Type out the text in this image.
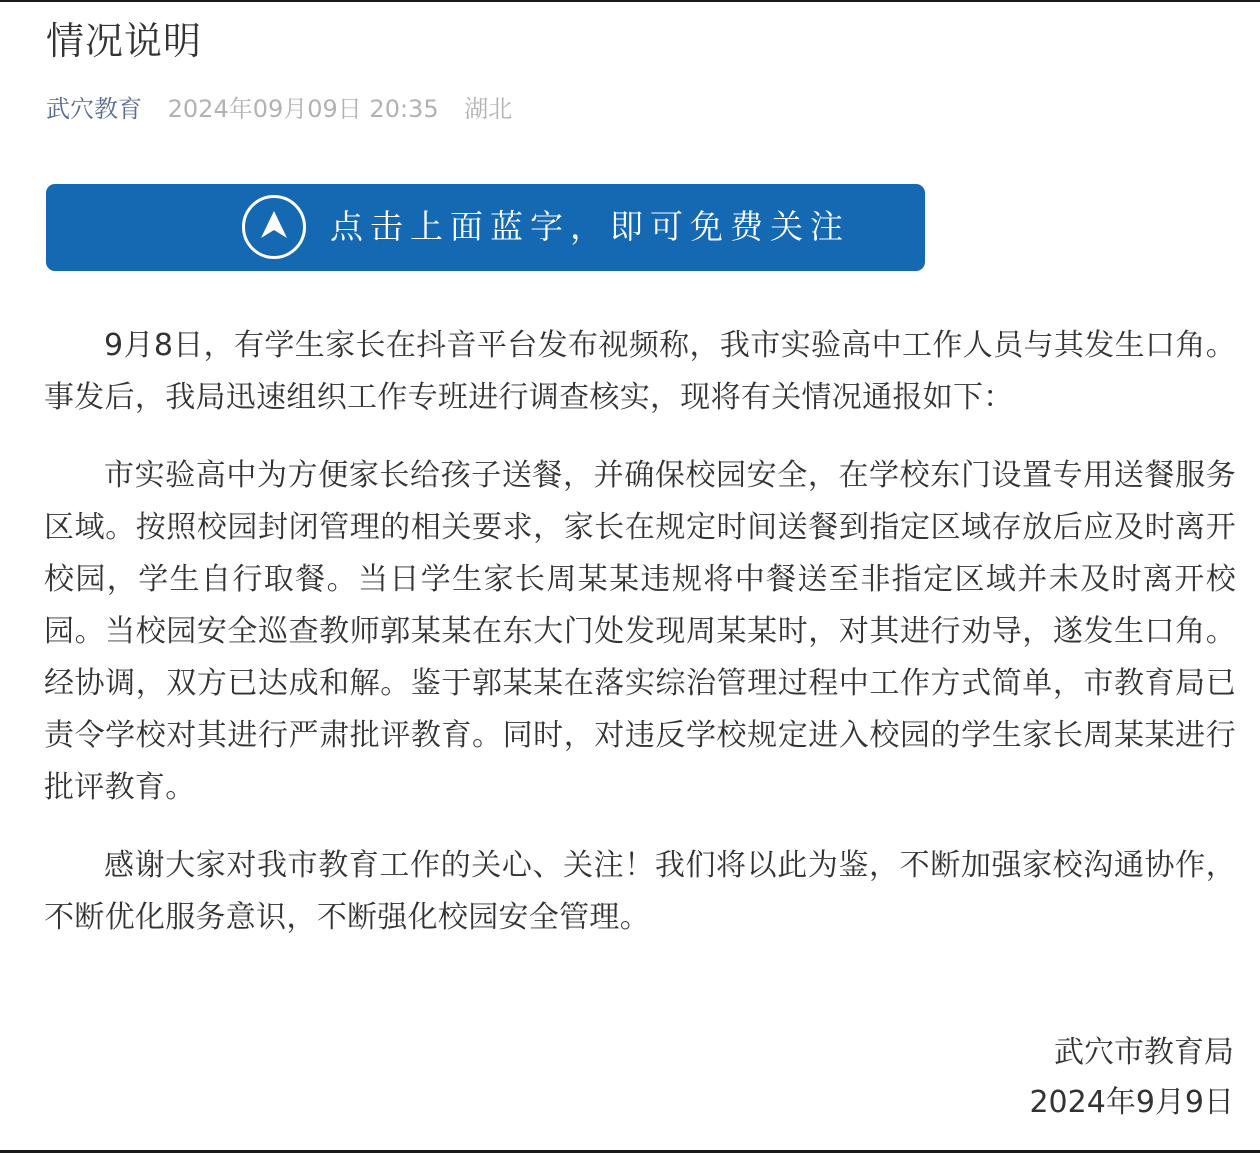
情况说明
武穴教育 2024年09月09日 20:35 湖北
点击上面蓝字，即可免费关注

9月8日，有学生家长在抖音平台发布视频称，我市实验高中工作人员与其发生口角。事发后，我局迅速组织工作专班进行调查核实，现将有关情况通报如下：

市实验高中为方便家长给孩子送餐，并确保校园安全，在学校东门设置专用送餐服务区域。按照校园封闭管理的相关要求，家长在规定时间送餐到指定区域存放后应及时离开校园，学生自行取餐。当日学生家长周某某违规将中餐送至非指定区域并未及时离开校园。当校园安全巡查教师郭某某在东大门处发现周某某时，对其进行劝导，遂发生口角。经协调，双方已达成和解。鉴于郭某某在落实综治管理过程中工作方式简单，市教育局已责令学校对其进行严肃批评教育。同时，对违反学校规定进入校园的学生家长周某某进行批评教育。

感谢大家对我市教育工作的关心、关注！我们将以此为鉴，不断加强家校沟通协作，不断优化服务意识，不断强化校园安全管理。

武穴市教育局
2024年9月9日
